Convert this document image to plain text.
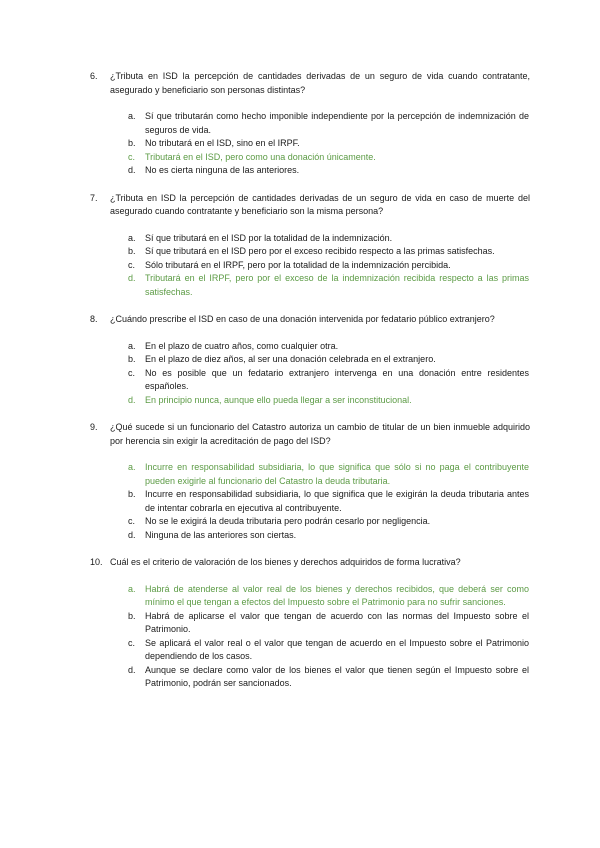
6.	¿Tributa en ISD la percepción de cantidades derivadas de un seguro de vida cuando contratante, asegurado y beneficiario son personas distintas?
a.	Sí que tributarán como hecho imponible independiente por la percepción de indemnización de seguros de vida.
b.	No tributará en el ISD, sino en el IRPF.
c.	Tributará en el ISD, pero como una donación únicamente.
d.	No es cierta ninguna de las anteriores.
7.	¿Tributa en ISD la percepción de cantidades derivadas de un seguro de vida en caso de muerte del asegurado cuando contratante y beneficiario son la misma persona?
a.	Sí que tributará en el ISD por la totalidad de la indemnización.
b.	Sí que tributará en el ISD pero por el exceso recibido respecto a las primas satisfechas.
c.	Sólo tributará en el IRPF, pero por la totalidad de la indemnización percibida.
d.	Tributará en el IRPF, pero por el exceso de la indemnización recibida respecto a las primas satisfechas.
8.	¿Cuándo prescribe el ISD en caso de una donación intervenida por fedatario público extranjero?
a.	En el plazo de cuatro años, como cualquier otra.
b.	En el plazo de diez años, al ser una donación celebrada en el extranjero.
c.	No es posible que un fedatario extranjero intervenga en una donación entre residentes españoles.
d.	En principio nunca, aunque ello pueda llegar a ser inconstitucional.
9.	¿Qué sucede si un funcionario del Catastro autoriza un cambio de titular de un bien inmueble adquirido por herencia sin exigir la acreditación de pago del ISD?
a.	Incurre en responsabilidad subsidiaria, lo que significa que sólo si no paga el contribuyente pueden exigirle al funcionario del Catastro la deuda tributaria.
b.	Incurre en responsabilidad subsidiaria, lo que significa que le exigirán la deuda tributaria antes de intentar cobrarla en ejecutiva al contribuyente.
c.	No se le exigirá la deuda tributaria pero podrán cesarlo por negligencia.
d.	Ninguna de las anteriores son ciertas.
10. Cuál es el criterio de valoración de los bienes y derechos adquiridos de forma lucrativa?
a.	Habrá de atenderse al valor real de los bienes y derechos recibidos, que deberá ser como mínimo el que tengan a efectos del Impuesto sobre el Patrimonio para no sufrir sanciones.
b.	Habrá de aplicarse el valor que tengan de acuerdo con las normas del Impuesto sobre el Patrimonio.
c.	Se aplicará el valor real o el valor que tengan de acuerdo en el Impuesto sobre el Patrimonio dependiendo de los casos.
d.	Aunque se declare como valor de los bienes el valor que tienen según el Impuesto sobre el Patrimonio, podrán ser sancionados.
